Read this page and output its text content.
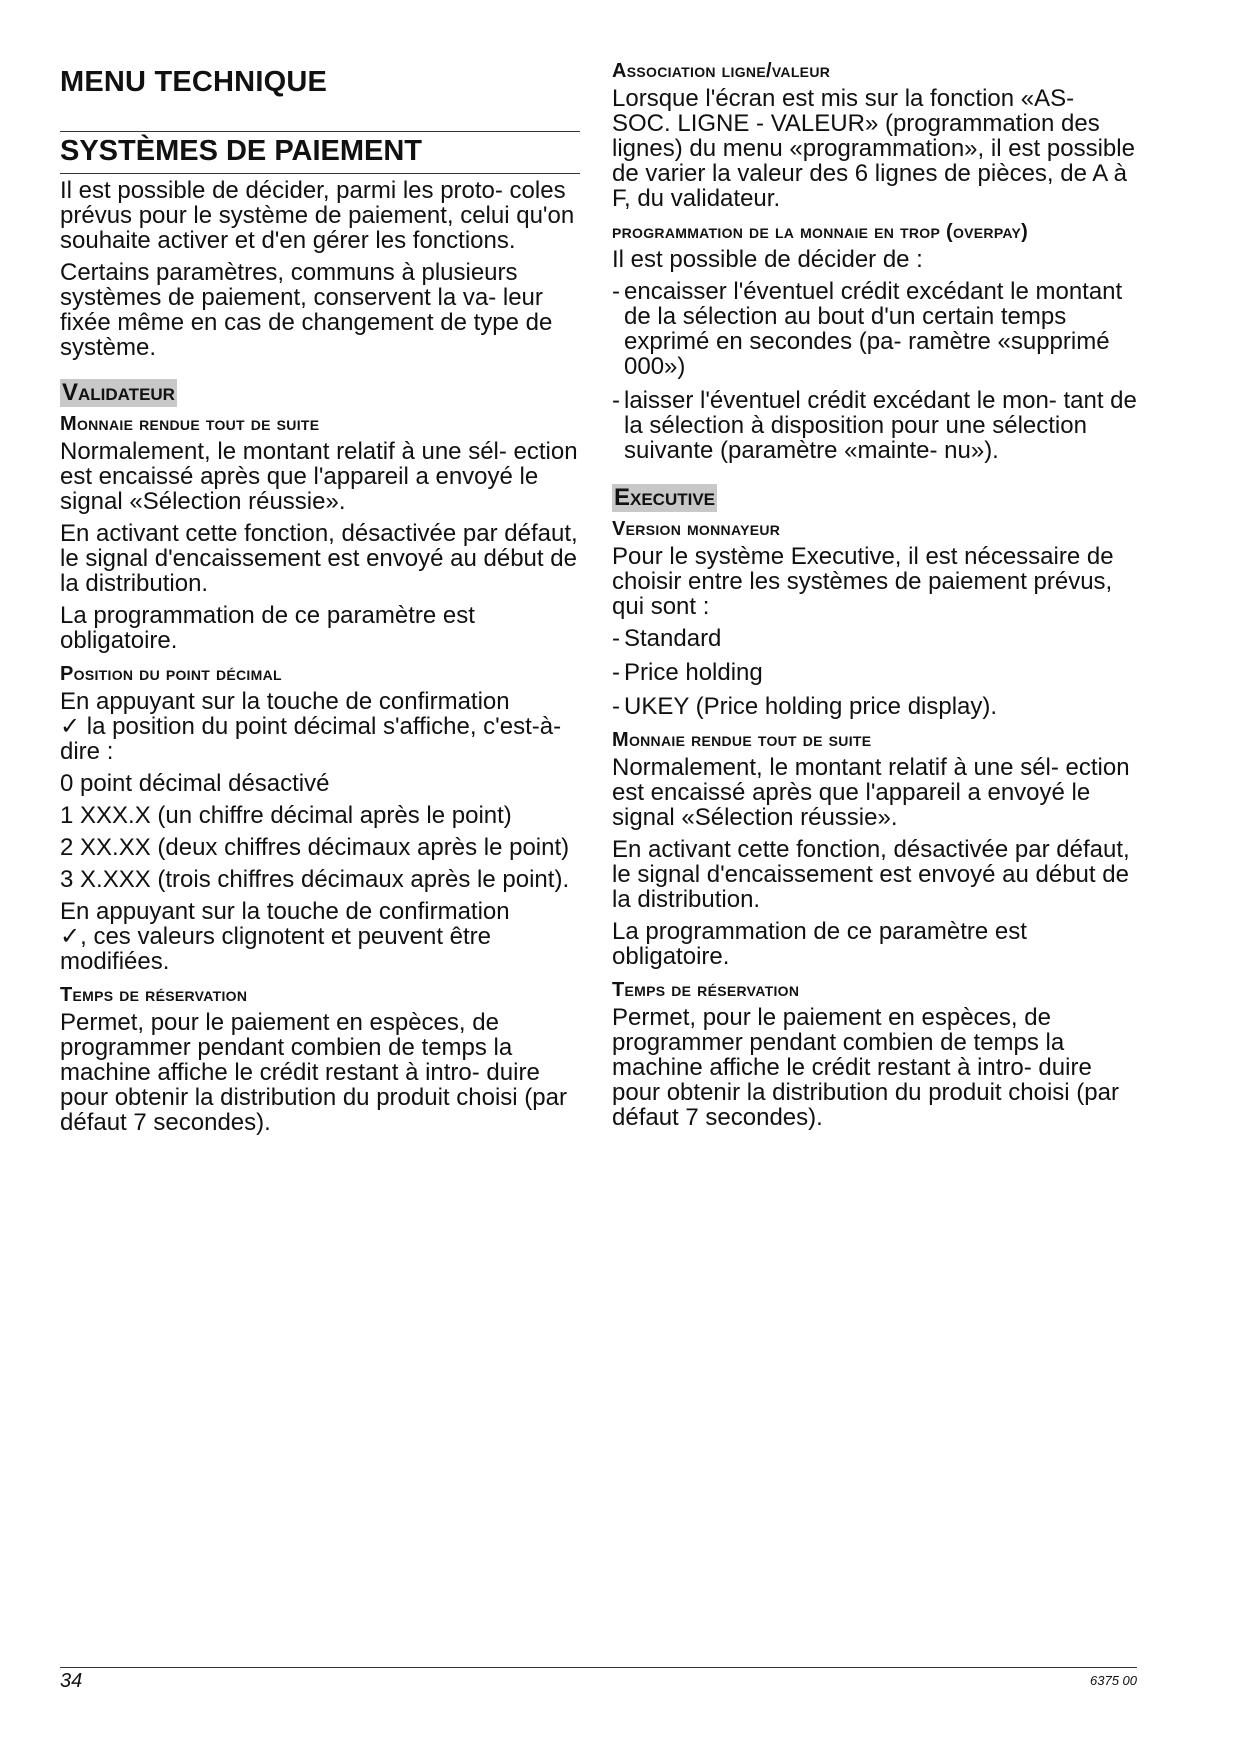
MENU TECHNIQUE
SYSTÈMES DE PAIEMENT

Il est possible de décider, parmi les proto- coles prévus pour le système de paiement, celui qu'on souhaite activer et d'en gérer les fonctions.

Certains paramètres, communs à plusieurs systèmes de paiement, conservent la va- leur fixée même en cas de changement de type de système.

Validateur
Monnaie rendue tout de suite

Normalement, le montant relatif à une sél- ection est encaissé après que l'appareil a envoyé le signal «Sélection réussie».

En activant cette fonction, désactivée par défaut, le signal d'encaissement est envoyé au début de la distribution.

La programmation de ce paramètre est obligatoire.

Position du point décimal

En appuyant sur la touche de confirmation
✓ la position du point décimal s'affiche, c'est-à-dire :

0 point décimal désactivé

1 XXX.X (un chiffre décimal après le point)

2 XX.XX (deux chiffres décimaux après le point)

3 X.XXX (trois chiffres décimaux après le point).

En appuyant sur la touche de confirmation
✓, ces valeurs clignotent et peuvent être modifiées.

Temps de réservation

Permet, pour le paiement en espèces, de programmer pendant combien de temps la machine affiche le crédit restant à intro- duire pour obtenir la distribution du produit choisi (par défaut 7 secondes).

Association ligne/valeur

Lorsque l'écran est mis sur la fonction «AS- SOC. LIGNE - VALEUR» (programmation des lignes) du menu «programmation», il est possible de varier la valeur des 6 lignes de pièces, de A à F, du validateur.

programmation de la monnaie en trop (overpay)

Il est possible de décider de :

- encaisser l'éventuel crédit excédant le montant de la sélection au bout d'un certain temps exprimé en secondes (pa- ramètre «supprimé 000»)
- laisser l'éventuel crédit excédant le mon- tant de la sélection à disposition pour une sélection suivante (paramètre «mainte- nu»).
Executive
Version monnayeur

Pour le système Executive, il est nécessaire de choisir entre les systèmes de paiement prévus, qui sont :

- Standard
- Price holding
- UKEY (Price holding price display).
Monnaie rendue tout de suite

Normalement, le montant relatif à une sél- ection est encaissé après que l'appareil a envoyé le signal «Sélection réussie».

En activant cette fonction, désactivée par défaut, le signal d'encaissement est envoyé au début de la distribution.

La programmation de ce paramètre est obligatoire.

Temps de réservation

Permet, pour le paiement en espèces, de programmer pendant combien de temps la machine affiche le crédit restant à intro- duire pour obtenir la distribution du produit choisi (par défaut 7 secondes).

34	6375 00
